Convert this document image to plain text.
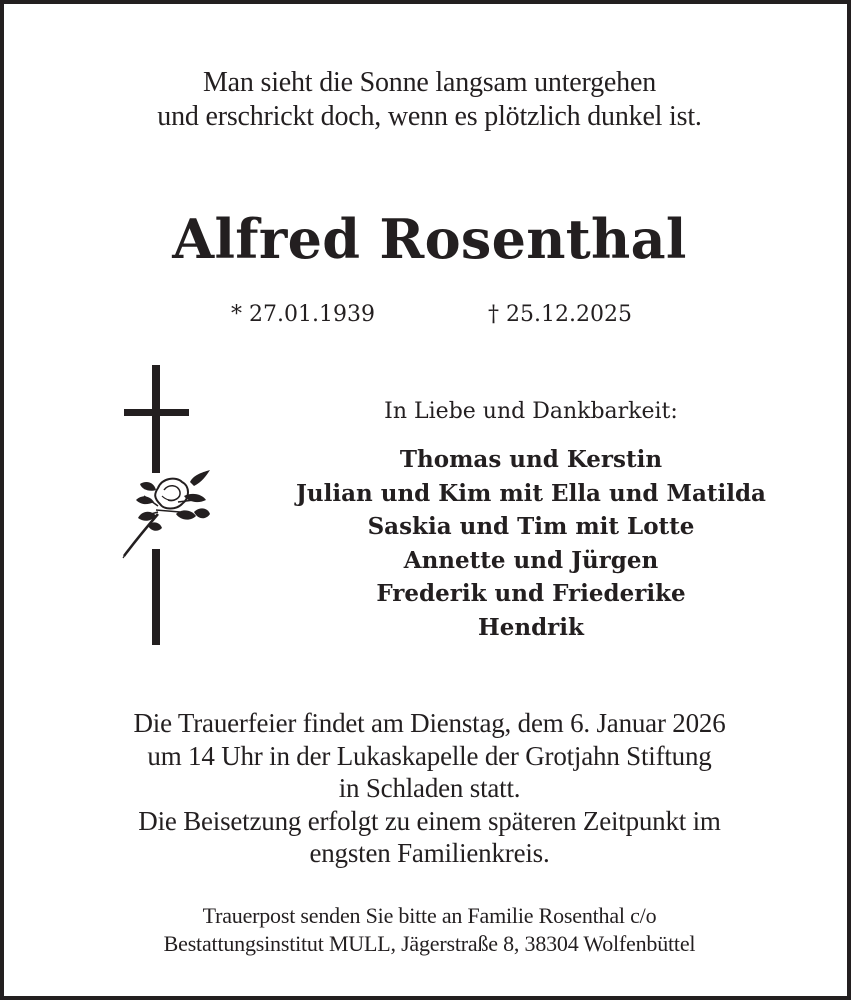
Man sieht die Sonne langsam untergehen
und erschrickt doch, wenn es plötzlich dunkel ist.
Alfred Rosenthal
* 27.01.1939	† 25.12.2025
In Liebe und Dankbarkeit:
Thomas und Kerstin
Julian und Kim mit Ella und Matilda
Saskia und Tim mit Lotte
Annette und Jürgen
Frederik und Friederike
Hendrik
Die Trauerfeier findet am Dienstag, dem 6. Januar 2026
um 14 Uhr in der Lukaskapelle der Grotjahn Stiftung
in Schladen statt.
Die Beisetzung erfolgt zu einem späteren Zeitpunkt im
engsten Familienkreis.
Trauerpost senden Sie bitte an Familie Rosenthal c/o
Bestattungsinstitut MULL, Jägerstraße 8, 38304 Wolfenbüttel
